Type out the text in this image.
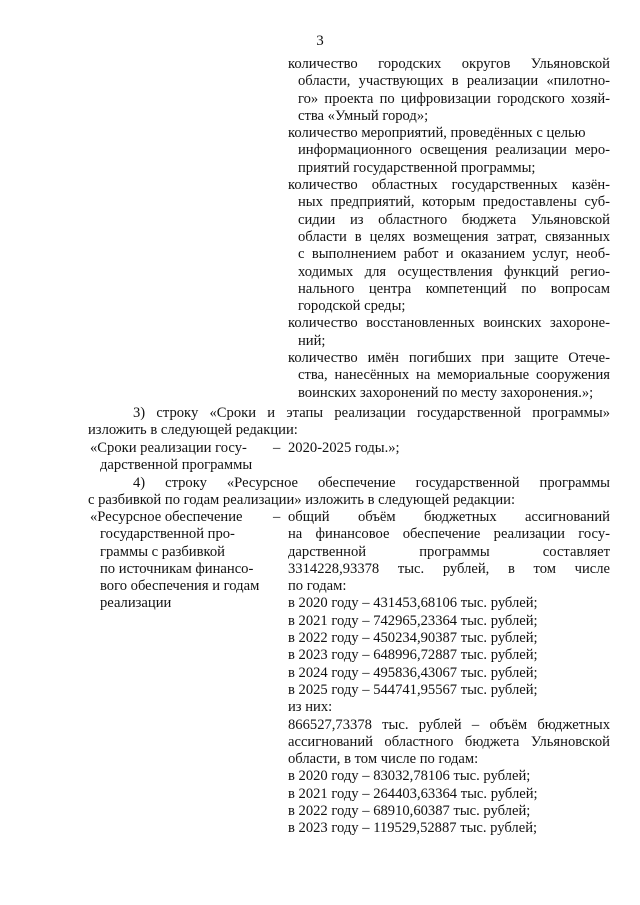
3
количество городских округов Ульяновской
области, участвующих в реализации «пилотно-
го» проекта по цифровизации городского хозяй-
ства «Умный город»;
количество мероприятий, проведённых с целью
информационного освещения реализации меро-
приятий государственной программы;
количество областных государственных казён-
ных предприятий, которым предоставлены суб-
сидии из областного бюджета Ульяновской
области в целях возмещения затрат, связанных
с выполнением работ и оказанием услуг, необ-
ходимых для осуществления функций регио-
нального центра компетенций по вопросам
городской среды;
количество восстановленных воинских захороне-
ний;
количество имён погибших при защите Отече-
ства, нанесённых на мемориальные сооружения
воинских захоронений по месту захоронения.»;
3) строку «Сроки и этапы реализации государственной программы»
изложить в следующей редакции:
«Сроки реализации госу-
дарственной программы
– 2020-2025 годы.»;
4) строку «Ресурсное обеспечение государственной программы
с разбивкой по годам реализации» изложить в следующей редакции:
«Ресурсное обеспечение
государственной про-
граммы с разбивкой
по источникам финансо-
вого обеспечения и годам
реализации
– общий объём бюджетных ассигнований
на финансовое обеспечение реализации госу-
дарственной программы составляет
3314228,93378 тыс. рублей, в том числе
по годам:
в 2020 году – 431453,68106 тыс. рублей;
в 2021 году – 742965,23364 тыс. рублей;
в 2022 году – 450234,90387 тыс. рублей;
в 2023 году – 648996,72887 тыс. рублей;
в 2024 году – 495836,43067 тыс. рублей;
в 2025 году – 544741,95567 тыс. рублей;
из них:
866527,73378 тыс. рублей – объём бюджетных
ассигнований областного бюджета Ульяновской
области, в том числе по годам:
в 2020 году – 83032,78106 тыс. рублей;
в 2021 году – 264403,63364 тыс. рублей;
в 2022 году – 68910,60387 тыс. рублей;
в 2023 году – 119529,52887 тыс. рублей;
